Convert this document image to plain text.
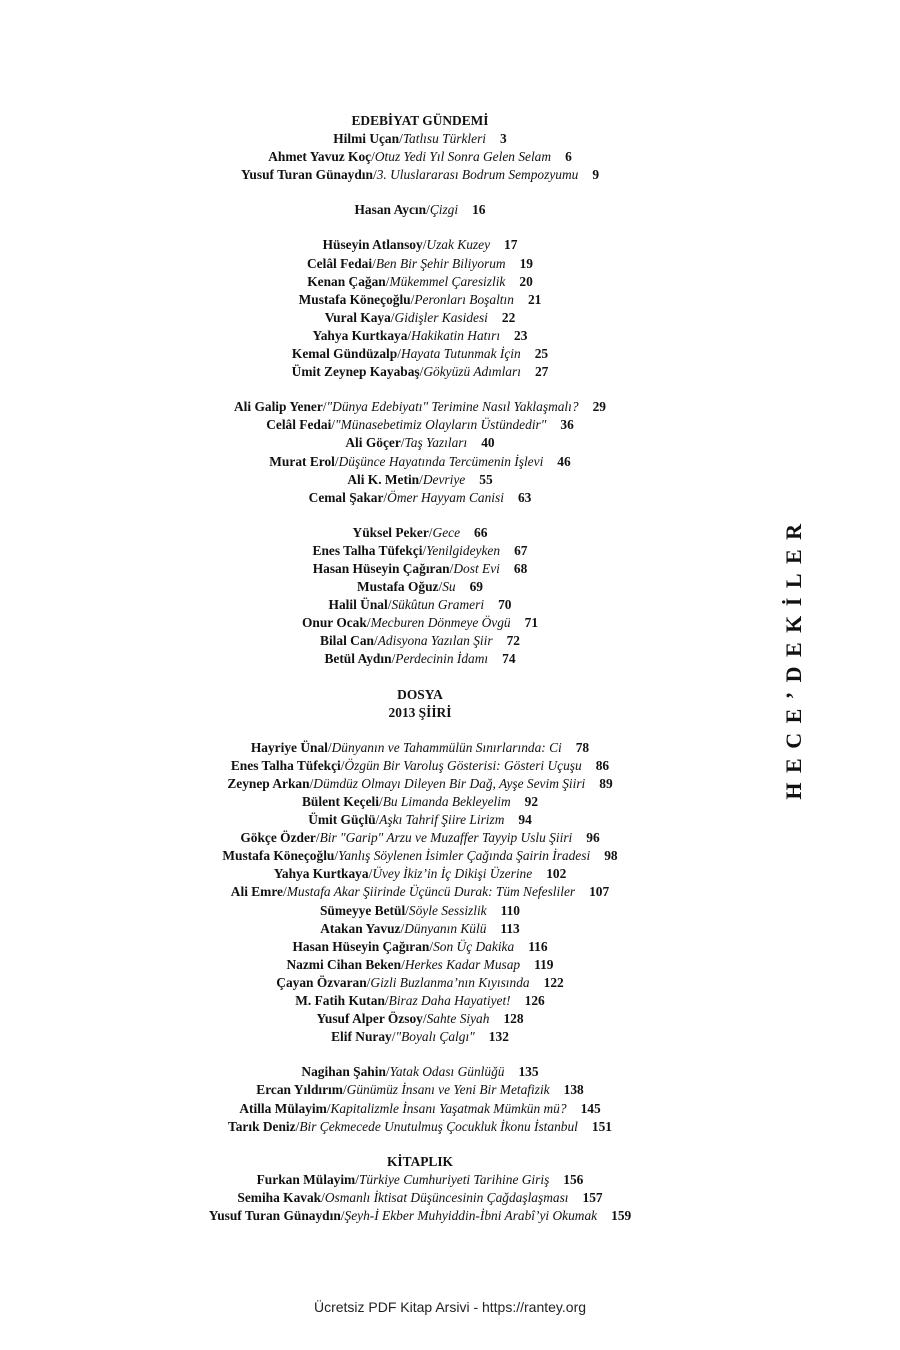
EDEBİYAT GÜNDEMİ
Hilmi Uçan/Tatlısu Türkleri 3
Ahmet Yavuz Koç/Otuz Yedi Yıl Sonra Gelen Selam 6
Yusuf Turan Günaydın/3. Uluslararası Bodrum Sempozyumu 9
Hasan Aycın/Çizgi 16
Hüseyin Atlansoy/Uzak Kuzey 17
Celâl Fedai/Ben Bir Şehir Biliyorum 19
Kenan Çağan/Mükemmel Çaresizlik 20
Mustafa Köneçoğlu/Peronları Boşaltın 21
Vural Kaya/Gidişler Kasidesi 22
Yahya Kurtkaya/Hakikatin Hatırı 23
Kemal Gündüzalp/Hayata Tutunmak İçin 25
Ümit Zeynep Kayabaş/Gökyüzü Adımları 27
Ali Galip Yener/"Dünya Edebiyatı" Terimine Nasıl Yaklaşmalı? 29
Celâl Fedai/"Münasebetimiz Olayların Üstündedir" 36
Ali Göçer/Taş Yazıları 40
Murat Erol/Düşünce Hayatında Tercümenin İşlevi 46
Ali K. Metin/Devriye 55
Cemal Şakar/Ömer Hayyam Canisi 63
Yüksel Peker/Gece 66
Enes Talha Tüfekçi/Yenilgideyken 67
Hasan Hüseyin Çağıran/Dost Evi 68
Mustafa Oğuz/Su 69
Halil Ünal/Sükûtun Grameri 70
Onur Ocak/Mecburen Dönmeye Övgü 71
Bilal Can/Adisyona Yazılan Şiir 72
Betül Aydın/Perdecinin İdamı 74
DOSYA
2013 ŞİİRİ
Hayriye Ünal/Dünyanın ve Tahammülün Sınırlarında: Ci 78
Enes Talha Tüfekçi/Özgün Bir Varoluş Gösterisi: Gösteri Uçuşu 86
Zeynep Arkan/Dümdüz Olmayı Dileyen Bir Dağ, Ayşe Sevim Şiiri 89
Bülent Keçeli/Bu Limanda Bekleyelim 92
Ümit Güçlü/Aşkı Tahrif Şiire Lirizm 94
Gökçe Özder/Bir "Garip" Arzu ve Muzaffer Tayyip Uslu Şiiri 96
Mustafa Köneçoğlu/Yanlış Söylenen İsimler Çağında Şairin İradesi 98
Yahya Kurtkaya/Üvey İkiz’in İç Dikişi Üzerine 102
Ali Emre/Mustafa Akar Şiirinde Üçüncü Durak: Tüm Nefesliler 107
Sümeyye Betül/Söyle Sessizlik 110
Atakan Yavuz/Dünyanın Külü 113
Hasan Hüseyin Çağıran/Son Üç Dakika 116
Nazmi Cihan Beken/Herkes Kadar Musap 119
Çayan Özvaran/Gizli Buzlanma’nın Kıyısında 122
M. Fatih Kutan/Biraz Daha Hayatiyet! 126
Yusuf Alper Özsoy/Sahte Siyah 128
Elif Nuray/"Boyalı Çalgı" 132
Nagihan Şahin/Yatak Odası Günlüğü 135
Ercan Yıldırım/Günümüz İnsanı ve Yeni Bir Metafizik 138
Atilla Mülayim/Kapitalizmle İnsanı Yaşatmak Mümkün mü? 145
Tarık Deniz/Bir Çekmecede Unutulmuş Çocukluk İkonu İstanbul 151
KİTAPLIK
Furkan Mülayim/Türkiye Cumhuriyeti Tarihine Giriş 156
Semiha Kavak/Osmanlı İktisat Düşüncesinin Çağdaşlaşması 157
Yusuf Turan Günaydın/Şeyh-İ Ekber Muhyiddin-İbni Arabî’yi Okumak 159
HECE’DEKİLER
Ücretsiz PDF Kitap Arsivi - https://rantey.org
